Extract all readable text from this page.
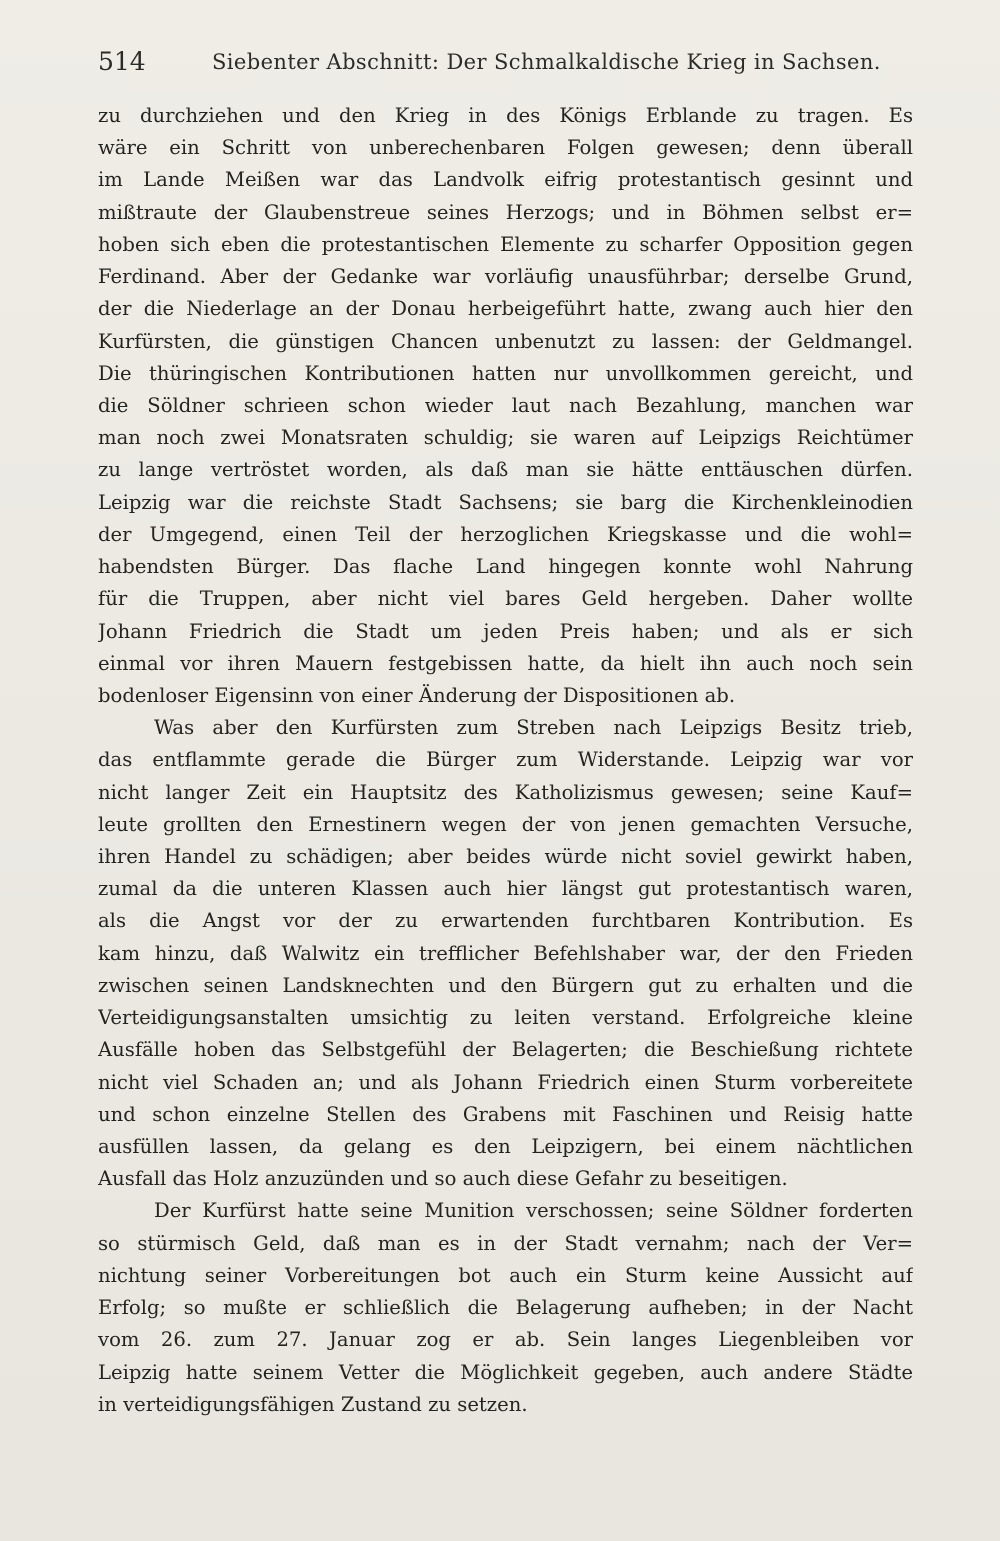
514	Siebenter Abschnitt: Der Schmalkaldische Krieg in Sachsen.
zu durchziehen und den Krieg in des Königs Erblande zu tragen. Es
wäre ein Schritt von unberechenbaren Folgen gewesen; denn überall
im Lande Meißen war das Landvolk eifrig protestantisch gesinnt und
mißtraute der Glaubenstreue seines Herzogs; und in Böhmen selbst er=
hoben sich eben die protestantischen Elemente zu scharfer Opposition gegen
Ferdinand. Aber der Gedanke war vorläufig unausführbar; derselbe Grund,
der die Niederlage an der Donau herbeigeführt hatte, zwang auch hier den
Kurfürsten, die günstigen Chancen unbenutzt zu lassen: der Geldmangel.
Die thüringischen Kontributionen hatten nur unvollkommen gereicht, und
die Söldner schrieen schon wieder laut nach Bezahlung, manchen war
man noch zwei Monatsraten schuldig; sie waren auf Leipzigs Reichtümer
zu lange vertröstet worden, als daß man sie hätte enttäuschen dürfen.
Leipzig war die reichste Stadt Sachsens; sie barg die Kirchenkleinodien
der Umgegend, einen Teil der herzoglichen Kriegskasse und die wohl=
habendsten Bürger. Das flache Land hingegen konnte wohl Nahrung
für die Truppen, aber nicht viel bares Geld hergeben. Daher wollte
Johann Friedrich die Stadt um jeden Preis haben; und als er sich
einmal vor ihren Mauern festgebissen hatte, da hielt ihn auch noch sein
bodenloser Eigensinn von einer Änderung der Dispositionen ab.
Was aber den Kurfürsten zum Streben nach Leipzigs Besitz trieb,
das entflammte gerade die Bürger zum Widerstande. Leipzig war vor
nicht langer Zeit ein Hauptsitz des Katholizismus gewesen; seine Kauf=
leute grollten den Ernestinern wegen der von jenen gemachten Versuche,
ihren Handel zu schädigen; aber beides würde nicht soviel gewirkt haben,
zumal da die unteren Klassen auch hier längst gut protestantisch waren,
als die Angst vor der zu erwartenden furchtbaren Kontribution. Es
kam hinzu, daß Walwitz ein trefflicher Befehlshaber war, der den Frieden
zwischen seinen Landsknechten und den Bürgern gut zu erhalten und die
Verteidigungsanstalten umsichtig zu leiten verstand. Erfolgreiche kleine
Ausfälle hoben das Selbstgefühl der Belagerten; die Beschießung richtete
nicht viel Schaden an; und als Johann Friedrich einen Sturm vorbereitete
und schon einzelne Stellen des Grabens mit Faschinen und Reisig hatte
ausfüllen lassen, da gelang es den Leipzigern, bei einem nächtlichen
Ausfall das Holz anzuzünden und so auch diese Gefahr zu beseitigen.
Der Kurfürst hatte seine Munition verschossen; seine Söldner forderten
so stürmisch Geld, daß man es in der Stadt vernahm; nach der Ver=
nichtung seiner Vorbereitungen bot auch ein Sturm keine Aussicht auf
Erfolg; so mußte er schließlich die Belagerung aufheben; in der Nacht
vom 26. zum 27. Januar zog er ab. Sein langes Liegenbleiben vor
Leipzig hatte seinem Vetter die Möglichkeit gegeben, auch andere Städte
in verteidigungsfähigen Zustand zu setzen.
